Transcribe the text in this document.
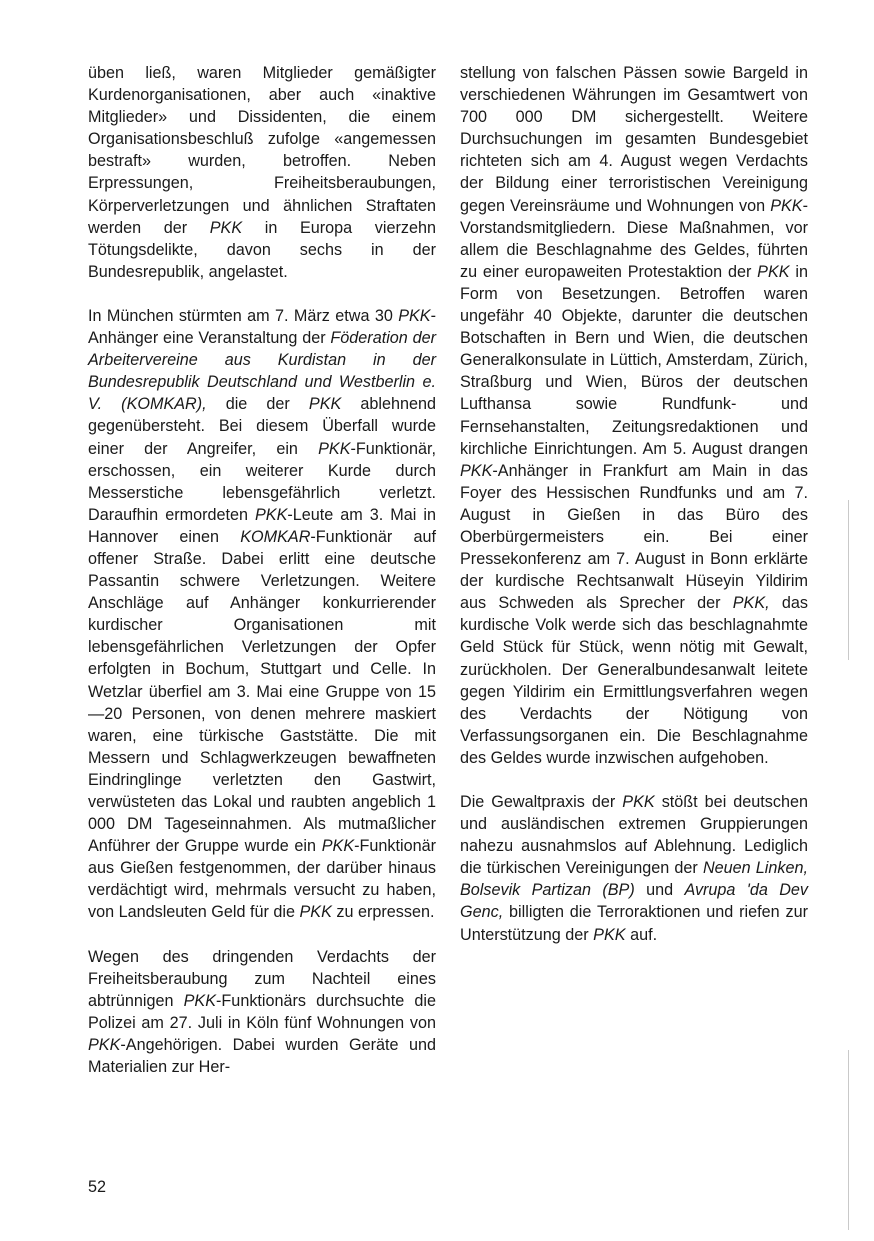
üben ließ, waren Mitglieder gemäßigter Kurdenorganisationen, aber auch «inaktive Mitglieder» und Dissidenten, die einem Organisationsbeschluß zufolge «angemessen bestraft» wurden, betroffen. Neben Erpressungen, Freiheitsberaubungen, Körperverletzungen und ähnlichen Straftaten werden der PKK in Europa vierzehn Tötungsdelikte, davon sechs in der Bundesrepublik, angelastet.

In München stürmten am 7. März etwa 30 PKK-Anhänger eine Veranstaltung der Föderation der Arbeitervereine aus Kurdistan in der Bundesrepublik Deutschland und Westberlin e. V. (KOMKAR), die der PKK ablehnend gegenübersteht. Bei diesem Überfall wurde einer der Angreifer, ein PKK-Funktionär, erschossen, ein weiterer Kurde durch Messerstiche lebensgefährlich verletzt. Daraufhin ermordeten PKK-Leute am 3. Mai in Hannover einen KOMKAR-Funktionär auf offener Straße. Dabei erlitt eine deutsche Passantin schwere Verletzungen. Weitere Anschläge auf Anhänger konkurrierender kurdischer Organisationen mit lebensgefährlichen Verletzungen der Opfer erfolgten in Bochum, Stuttgart und Celle. In Wetzlar überfiel am 3. Mai eine Gruppe von 15—20 Personen, von denen mehrere maskiert waren, eine türkische Gaststätte. Die mit Messern und Schlagwerkzeugen bewaffneten Eindringlinge verletzten den Gastwirt, verwüsteten das Lokal und raubten angeblich 1 000 DM Tageseinnahmen. Als mutmaßlicher Anführer der Gruppe wurde ein PKK-Funktionär aus Gießen festgenommen, der darüber hinaus verdächtigt wird, mehrmals versucht zu haben, von Landsleuten Geld für die PKK zu erpressen.

Wegen des dringenden Verdachts der Freiheitsberaubung zum Nachteil eines abtrünnigen PKK-Funktionärs durchsuchte die Polizei am 27. Juli in Köln fünf Wohnungen von PKK-Angehörigen. Dabei wurden Geräte und Materialien zur Her-

stellung von falschen Pässen sowie Bargeld in verschiedenen Währungen im Gesamtwert von 700 000 DM sichergestellt. Weitere Durchsuchungen im gesamten Bundesgebiet richteten sich am 4. August wegen Verdachts der Bildung einer terroristischen Vereinigung gegen Vereinsräume und Wohnungen von PKK-Vorstandsmitgliedern. Diese Maßnahmen, vor allem die Beschlagnahme des Geldes, führten zu einer europaweiten Protestaktion der PKK in Form von Besetzungen. Betroffen waren ungefähr 40 Objekte, darunter die deutschen Botschaften in Bern und Wien, die deutschen Generalkonsulate in Lüttich, Amsterdam, Zürich, Straßburg und Wien, Büros der deutschen Lufthansa sowie Rundfunk- und Fernsehanstalten, Zeitungsredaktionen und kirchliche Einrichtungen. Am 5. August drangen PKK-Anhänger in Frankfurt am Main in das Foyer des Hessischen Rundfunks und am 7. August in Gießen in das Büro des Oberbürgermeisters ein. Bei einer Pressekonferenz am 7. August in Bonn erklärte der kurdische Rechtsanwalt Hüseyin Yildirim aus Schweden als Sprecher der PKK, das kurdische Volk werde sich das beschlagnahmte Geld Stück für Stück, wenn nötig mit Gewalt, zurückholen. Der Generalbundesanwalt leitete gegen Yildirim ein Ermittlungsverfahren wegen des Verdachts der Nötigung von Verfassungsorganen ein. Die Beschlagnahme des Geldes wurde inzwischen aufgehoben.

Die Gewaltpraxis der PKK stößt bei deutschen und ausländischen extremen Gruppierungen nahezu ausnahmslos auf Ablehnung. Lediglich die türkischen Vereinigungen der Neuen Linken, Bolsevik Partizan (BP) und Avrupa 'da Dev Genc, billigten die Terroraktionen und riefen zur Unterstützung der PKK auf.

52
